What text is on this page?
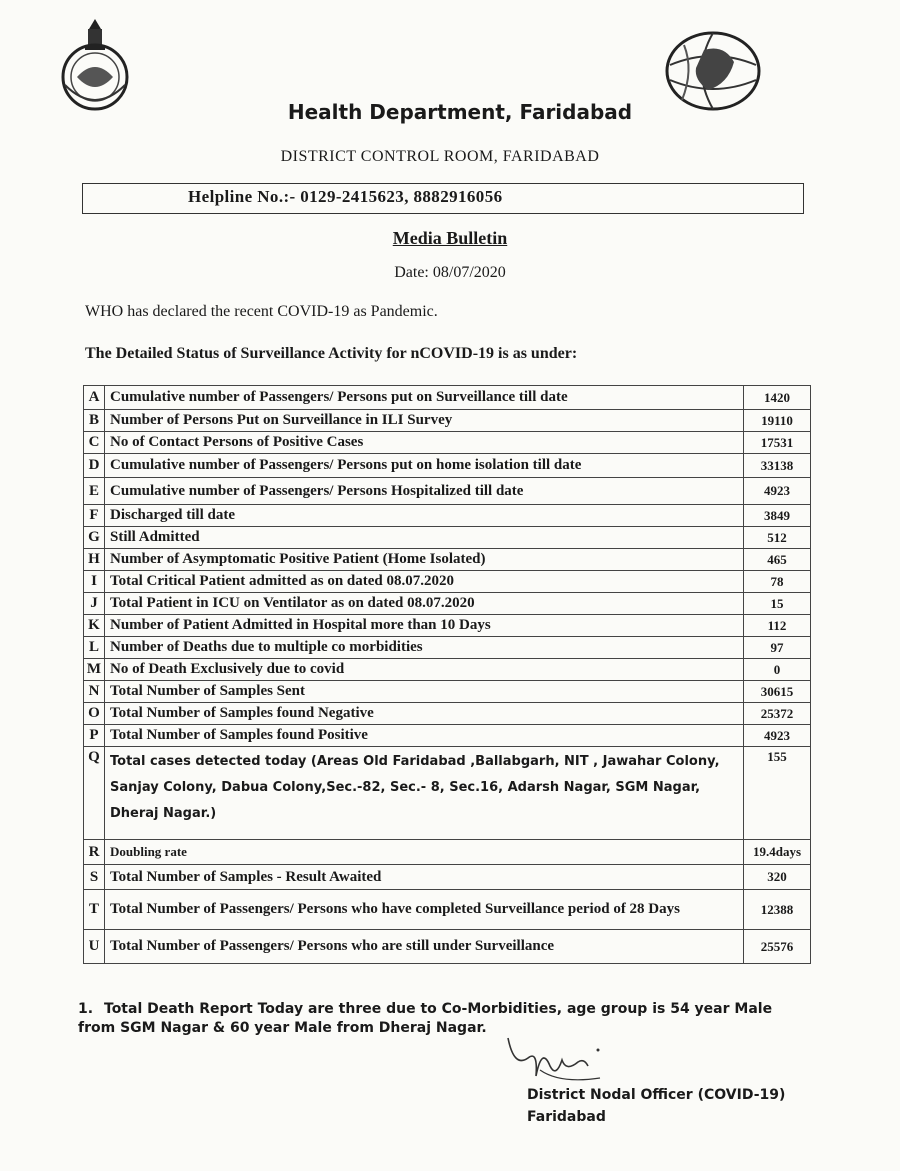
Health Department, Faridabad
DISTRICT CONTROL ROOM, FARIDABAD
Helpline No.:- 0129-2415623, 8882916056
Media Bulletin
Date: 08/07/2020
WHO has declared the recent COVID-19 as Pandemic.
The Detailed Status of Surveillance Activity for nCOVID-19 is as under:
A	Cumulative number of Passengers/ Persons put on Surveillance till date	1420
B	Number of Persons Put on Surveillance in ILI Survey	19110
C	No of Contact Persons of Positive Cases	17531
D	Cumulative number of Passengers/ Persons put on home isolation till date	33138
E	Cumulative number of Passengers/ Persons Hospitalized till date	4923
F	Discharged till date	3849
G	Still Admitted	512
H	Number of Asymptomatic Positive Patient (Home Isolated)	465
I	Total Critical Patient admitted as on dated 08.07.2020	78
J	Total Patient in ICU on Ventilator as on dated 08.07.2020	15
K	Number of Patient Admitted in Hospital more than 10 Days	112
L	Number of Deaths due to multiple co morbidities	97
M	No of Death Exclusively due to covid	0
N	Total Number of Samples Sent	30615
O	Total Number of Samples found Negative	25372
P	Total Number of Samples found Positive	4923
Q	Total cases detected today (Areas Old Faridabad ,Ballabgarh, NIT , Jawahar Colony, Sanjay Colony, Dabua Colony,Sec.-82, Sec.- 8, Sec.16, Adarsh Nagar, SGM Nagar, Dheraj Nagar.)	155
R	Doubling rate	19.4days
S	Total Number of Samples - Result Awaited	320
T	Total Number of Passengers/ Persons who have completed Surveillance period of 28 Days	12388
U	Total Number of Passengers/ Persons who are still under Surveillance	25576
1. Total Death Report Today are three due to Co-Morbidities, age group is 54 year Male from SGM Nagar & 60 year Male from Dheraj Nagar.
District Nodal Officer (COVID-19)
Faridabad
